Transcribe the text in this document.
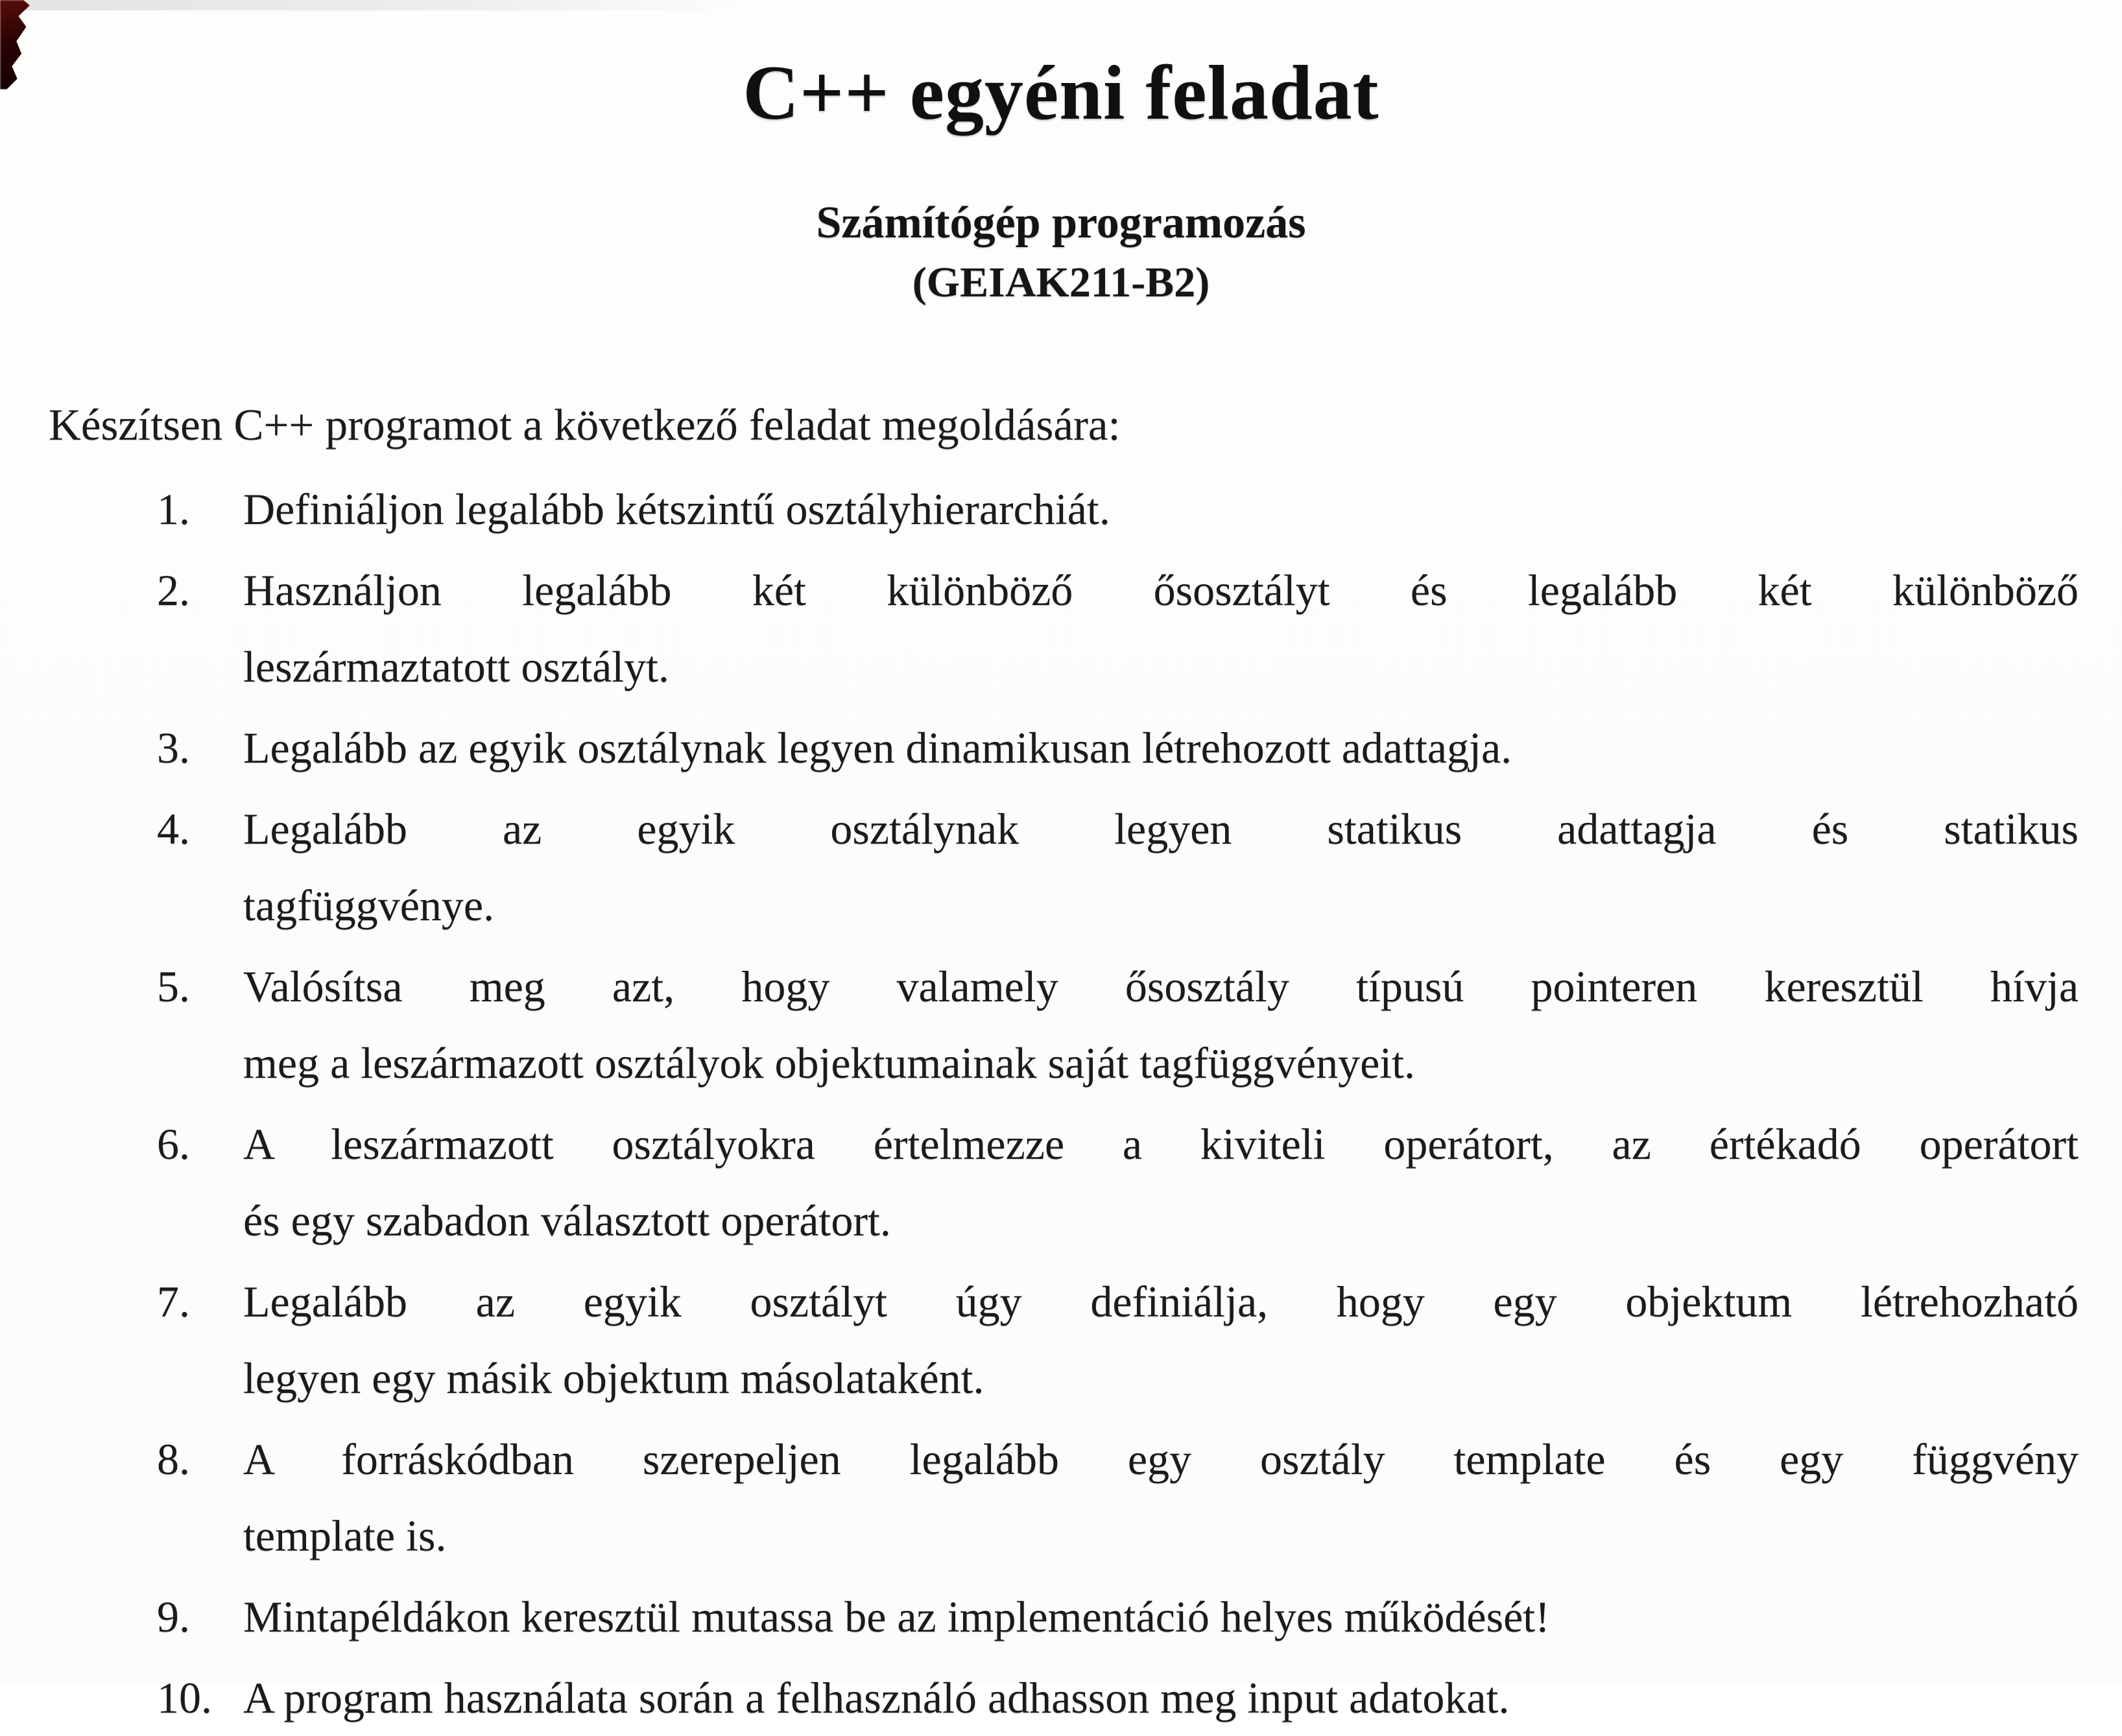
C++ egyéni feladat
Számítógép programozás
(GEIAK211-B2)

Készítsen C++ programot a következő feladat megoldására:

1.	Definiáljon legalább kétszintű osztályhierarchiát.
2.	Használjon legalább két különböző ősosztályt és legalább két különböző
leszármaztatott osztályt.
3.	Legalább az egyik osztálynak legyen dinamikusan létrehozott adattagja.
4.	Legalább az egyik osztálynak legyen statikus adattagja és statikus
tagfüggvénye.
5.	Valósítsa meg azt, hogy valamely ősosztály típusú pointeren keresztül hívja
meg a leszármazott osztályok objektumainak saját tagfüggvényeit.
6.	A leszármazott osztályokra értelmezze a kiviteli operátort, az értékadó operátort
és egy szabadon választott operátort.
7.	Legalább az egyik osztályt úgy definiálja, hogy egy objektum létrehozható
legyen egy másik objektum másolataként.
8.	A forráskódban szerepeljen legalább egy osztály template és egy függvény
template is.
9.	Mintapéldákon keresztül mutassa be az implementáció helyes működését!
10. A program használata során a felhasználó adhasson meg input adatokat.
